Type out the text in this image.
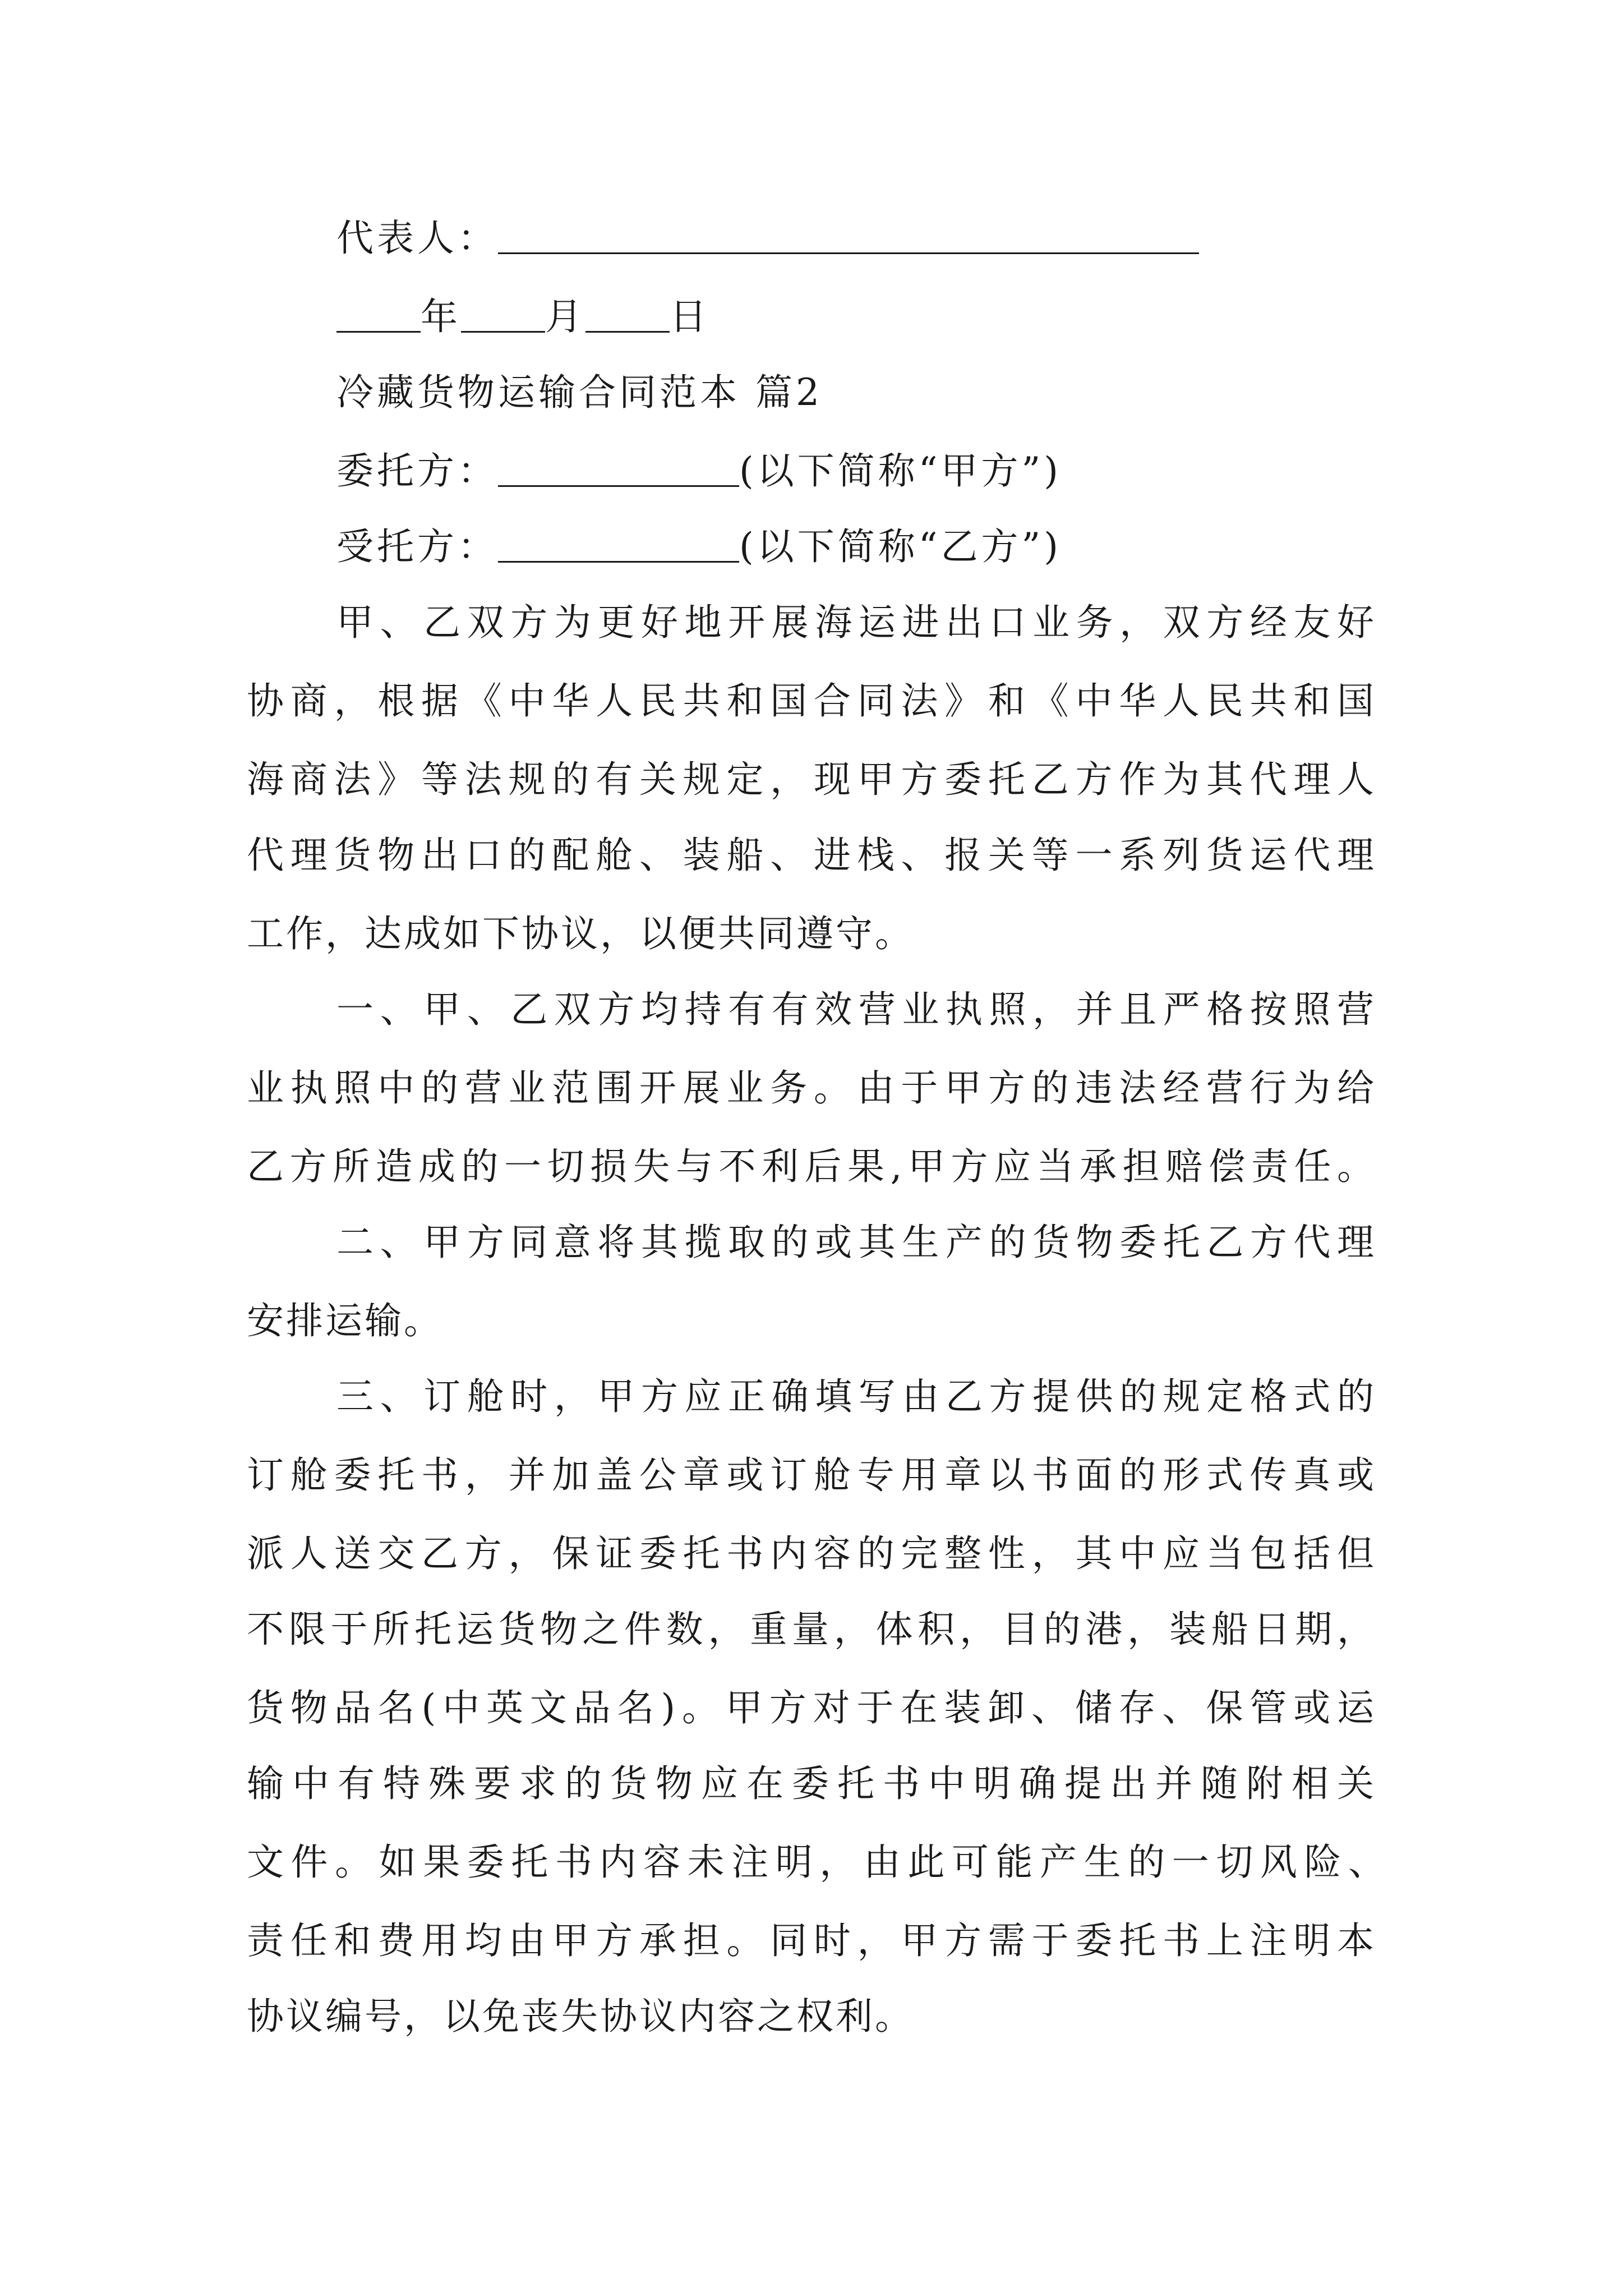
代表人：
年 月 日
冷藏货物运输合同范本 篇2
委托方：	(以下简称“甲方”)
受托方：	(以下简称“乙方”)
甲、乙双方为更好地开展海运进出口业务，双方经友好
协商，根据《中华人民共和国合同法》和《中华人民共和国
海商法》等法规的有关规定，现甲方委托乙方作为其代理人
代理货物出口的配舱、装船、进栈、报关等一系列货运代理
工作，达成如下协议，以便共同遵守。
一、甲、乙双方均持有有效营业执照，并且严格按照营
业执照中的营业范围开展业务。由于甲方的违法经营行为给
乙方所造成的一切损失与不利后果,甲方应当承担赔偿责任。
二、甲方同意将其揽取的或其生产的货物委托乙方代理
安排运输。
三、订舱时，甲方应正确填写由乙方提供的规定格式的
订舱委托书，并加盖公章或订舱专用章以书面的形式传真或
派人送交乙方，保证委托书内容的完整性，其中应当包括但
不限于所托运货物之件数，重量，体积，目的港，装船日期，
货物品名(中英文品名)。甲方对于在装卸、储存、保管或运
输中有特殊要求的货物应在委托书中明确提出并随附相关
文件。如果委托书内容未注明，由此可能产生的一切风险、
责任和费用均由甲方承担。同时，甲方需于委托书上注明本
协议编号，以免丧失协议内容之权利。
